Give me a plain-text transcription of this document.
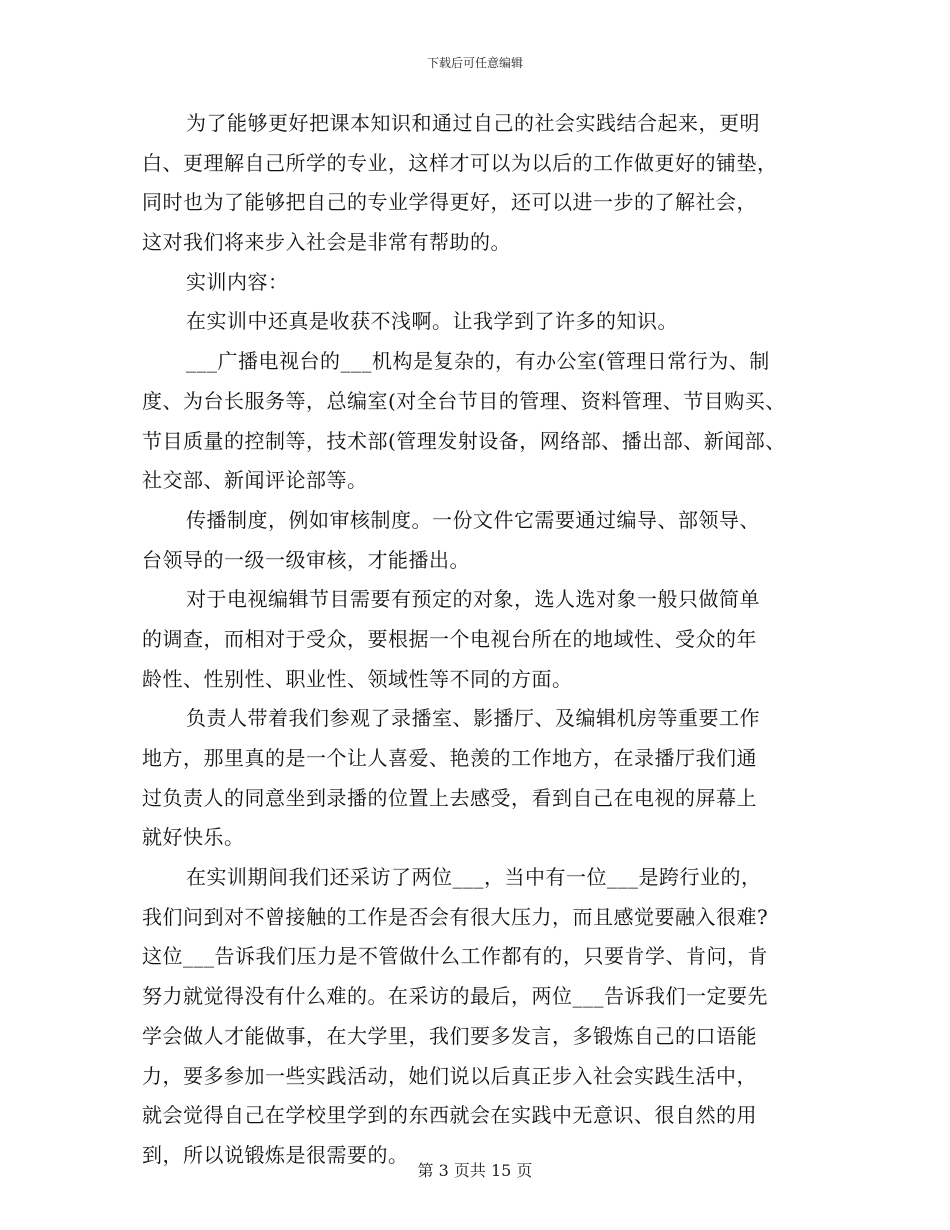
下载后可任意编辑
为了能够更好把课本知识和通过自己的社会实践结合起来，更明
白、更理解自己所学的专业，这样才可以为以后的工作做更好的铺垫，
同时也为了能够把自己的专业学得更好，还可以进一步的了解社会，
这对我们将来步入社会是非常有帮助的。
实训内容：
在实训中还真是收获不浅啊。让我学到了许多的知识。
___广播电视台的___机构是复杂的，有办公室(管理日常行为、制
度、为台长服务等，总编室(对全台节目的管理、资料管理、节目购买、
节目质量的控制等，技术部(管理发射设备，网络部、播出部、新闻部、
社交部、新闻评论部等。
传播制度，例如审核制度。一份文件它需要通过编导、部领导、
台领导的一级一级审核，才能播出。
对于电视编辑节目需要有预定的对象，选人选对象一般只做简单
的调查，而相对于受众，要根据一个电视台所在的地域性、受众的年
龄性、性别性、职业性、领域性等不同的方面。
负责人带着我们参观了录播室、影播厅、及编辑机房等重要工作
地方，那里真的是一个让人喜爱、艳羡的工作地方，在录播厅我们通
过负责人的同意坐到录播的位置上去感受，看到自己在电视的屏幕上
就好快乐。
在实训期间我们还采访了两位___，当中有一位___是跨行业的，
我们问到对不曾接触的工作是否会有很大压力，而且感觉要融入很难?
这位___告诉我们压力是不管做什么工作都有的，只要肯学、肯问，肯
努力就觉得没有什么难的。在采访的最后，两位___告诉我们一定要先
学会做人才能做事，在大学里，我们要多发言，多锻炼自己的口语能
力，要多参加一些实践活动，她们说以后真正步入社会实践生活中，
就会觉得自己在学校里学到的东西就会在实践中无意识、很自然的用
到，所以说锻炼是很需要的。
第 3 页共 15 页
